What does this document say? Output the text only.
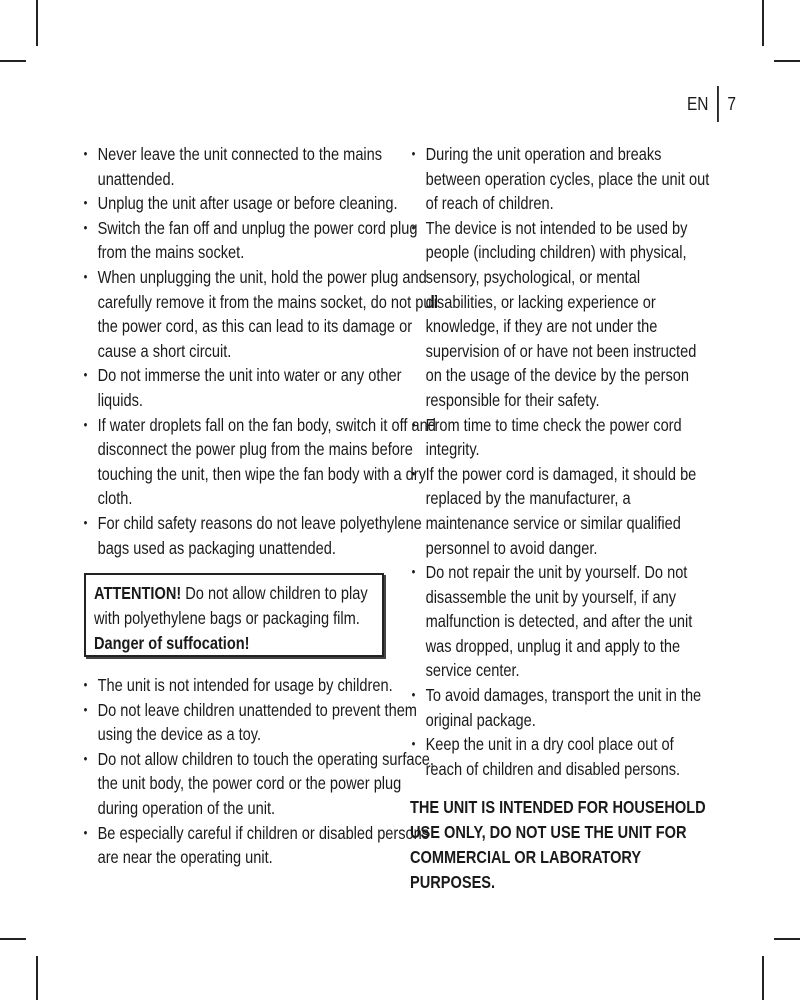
EN	7
• Never leave the unit connected to the mains unattended.
• Unplug the unit after usage or before cleaning.
• Switch the fan off and unplug the power cord plug from the mains socket.
• When unplugging the unit, hold the power plug and carefully remove it from the mains socket, do not pull the power cord, as this can lead to its damage or cause a short circuit.
• Do not immerse the unit into water or any other liquids.
• If water droplets fall on the fan body, switch it off and disconnect the power plug from the mains before touching the unit, then wipe the fan body with a dry cloth.
• For child safety reasons do not leave polyethylene bags used as packaging unattended.
ATTENTION! Do not allow children to play with polyethylene bags or packaging film. Danger of suffocation!
• The unit is not intended for usage by children.
• Do not leave children unattended to prevent them using the device as a toy.
• Do not allow children to touch the operating surface, the unit body, the power cord or the power plug during operation of the unit.
• Be especially careful if children or disabled persons are near the operating unit.
• During the unit operation and breaks between operation cycles, place the unit out of reach of children.
• The device is not intended to be used by people (including children) with physical, sensory, psychological, or mental disabilities, or lacking experience or knowledge, if they are not under the supervision of or have not been instructed on the usage of the device by the person responsible for their safety.
• From time to time check the power cord integrity.
• If the power cord is damaged, it should be replaced by the manufacturer, a maintenance service or similar qualified personnel to avoid danger.
• Do not repair the unit by yourself. Do not disassemble the unit by yourself, if any malfunction is detected, and after the unit was dropped, unplug it and apply to the service center.
• To avoid damages, transport the unit in the original package.
• Keep the unit in a dry cool place out of reach of children and disabled persons.
THE UNIT IS INTENDED FOR HOUSEHOLD USE ONLY, DO NOT USE THE UNIT FOR COMMERCIAL OR LABORATORY PURPOSES.
